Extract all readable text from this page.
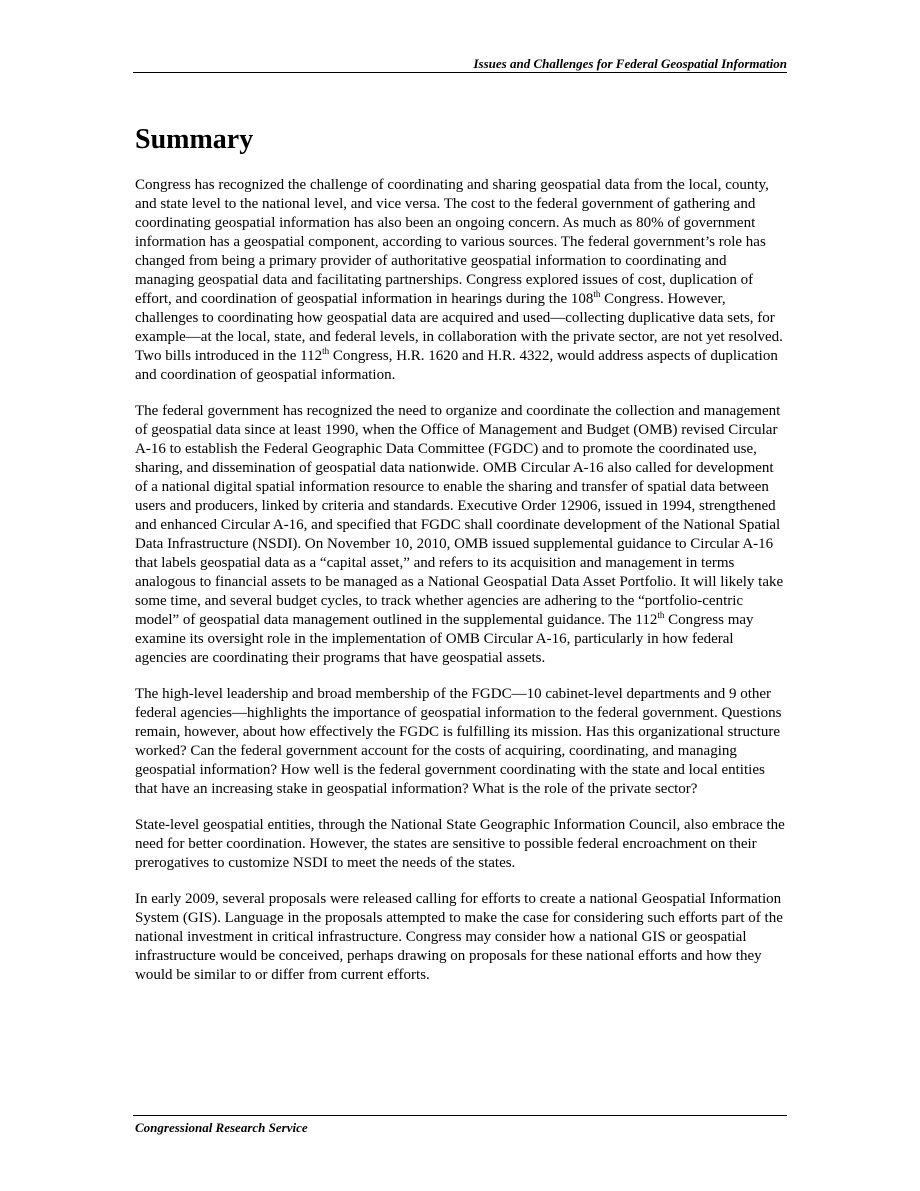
Issues and Challenges for Federal Geospatial Information
Summary

Congress has recognized the challenge of coordinating and sharing geospatial data from the local, county, and state level to the national level, and vice versa. The cost to the federal government of gathering and coordinating geospatial information has also been an ongoing concern. As much as 80% of government information has a geospatial component, according to various sources. The federal government’s role has changed from being a primary provider of authoritative geospatial information to coordinating and managing geospatial data and facilitating partnerships. Congress explored issues of cost, duplication of effort, and coordination of geospatial information in hearings during the 108th Congress. However, challenges to coordinating how geospatial data are acquired and used—collecting duplicative data sets, for example—at the local, state, and federal levels, in collaboration with the private sector, are not yet resolved. Two bills introduced in the 112th Congress, H.R. 1620 and H.R. 4322, would address aspects of duplication and coordination of geospatial information.

The federal government has recognized the need to organize and coordinate the collection and management of geospatial data since at least 1990, when the Office of Management and Budget (OMB) revised Circular A-16 to establish the Federal Geographic Data Committee (FGDC) and to promote the coordinated use, sharing, and dissemination of geospatial data nationwide. OMB Circular A-16 also called for development of a national digital spatial information resource to enable the sharing and transfer of spatial data between users and producers, linked by criteria and standards. Executive Order 12906, issued in 1994, strengthened and enhanced Circular A-16, and specified that FGDC shall coordinate development of the National Spatial Data Infrastructure (NSDI). On November 10, 2010, OMB issued supplemental guidance to Circular A-16 that labels geospatial data as a “capital asset,” and refers to its acquisition and management in terms analogous to financial assets to be managed as a National Geospatial Data Asset Portfolio. It will likely take some time, and several budget cycles, to track whether agencies are adhering to the “portfolio-centric model” of geospatial data management outlined in the supplemental guidance. The 112th Congress may examine its oversight role in the implementation of OMB Circular A-16, particularly in how federal agencies are coordinating their programs that have geospatial assets.

The high-level leadership and broad membership of the FGDC—10 cabinet-level departments and 9 other federal agencies—highlights the importance of geospatial information to the federal government. Questions remain, however, about how effectively the FGDC is fulfilling its mission. Has this organizational structure worked? Can the federal government account for the costs of acquiring, coordinating, and managing geospatial information? How well is the federal government coordinating with the state and local entities that have an increasing stake in geospatial information? What is the role of the private sector?

State-level geospatial entities, through the National State Geographic Information Council, also embrace the need for better coordination. However, the states are sensitive to possible federal encroachment on their prerogatives to customize NSDI to meet the needs of the states.

In early 2009, several proposals were released calling for efforts to create a national Geospatial Information System (GIS). Language in the proposals attempted to make the case for considering such efforts part of the national investment in critical infrastructure. Congress may consider how a national GIS or geospatial infrastructure would be conceived, perhaps drawing on proposals for these national efforts and how they would be similar to or differ from current efforts.

Congressional Research Service
